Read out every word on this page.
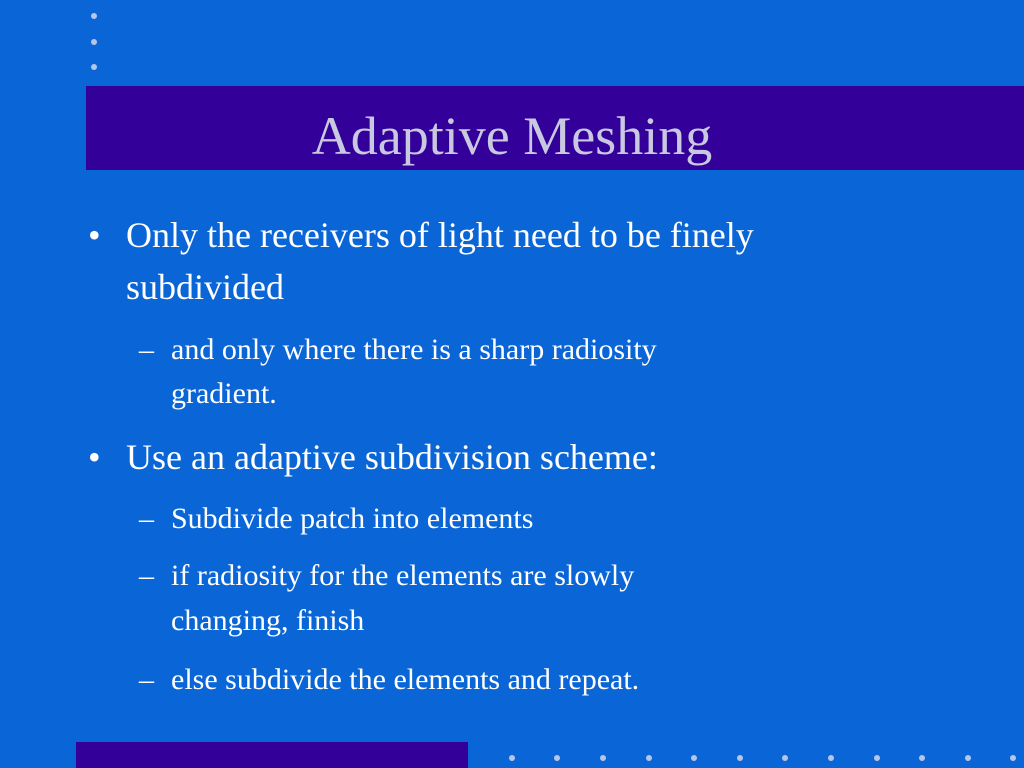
Adaptive Meshing
• Only the receivers of light need to be finely
subdivided
– and only where there is a sharp radiosity
gradient.
• Use an adaptive subdivision scheme:
– Subdivide patch into elements
– if radiosity for the elements are slowly
changing, finish
– else subdivide the elements and repeat.
